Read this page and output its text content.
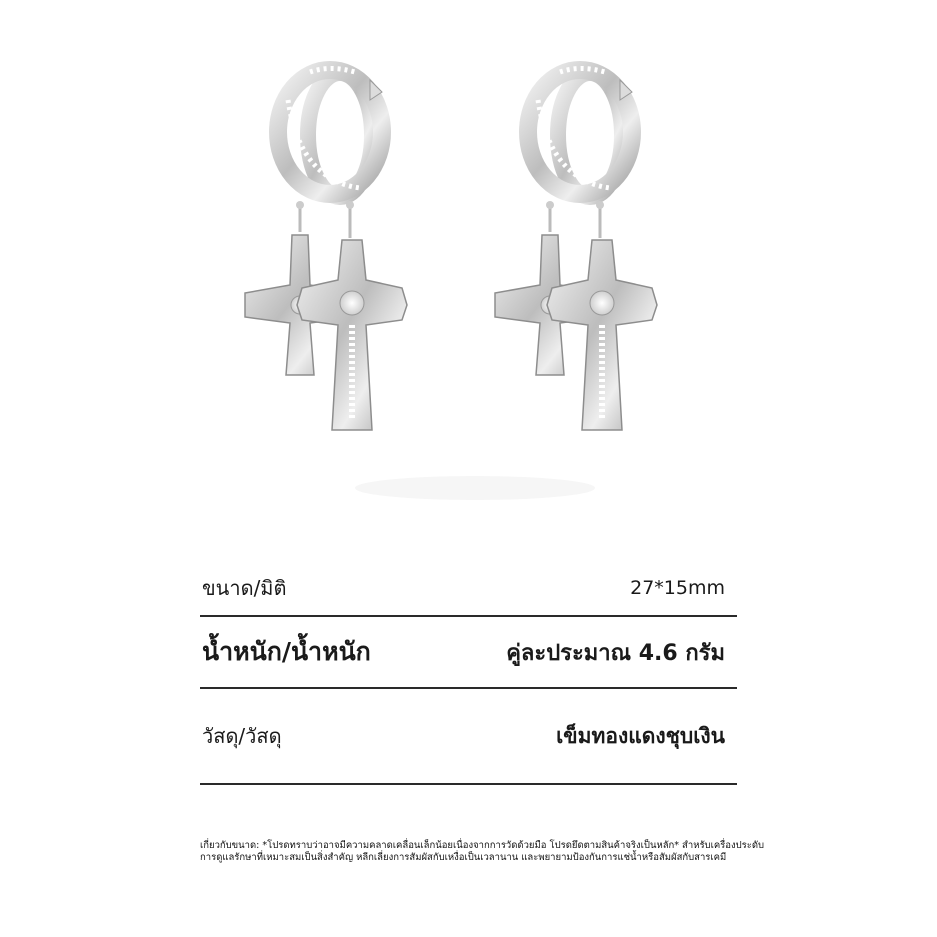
ขนาด/มิติ	27*15mm
น้ำหนัก/น้ำหนัก	คู่ละประมาณ 4.6 กรัม
วัสดุ/วัสดุ	เข็มทองแดงชุบเงิน
เกี่ยวกับขนาด: *โปรดทราบว่าอาจมีความคลาดเคลื่อนเล็กน้อยเนื่องจากการวัดด้วยมือ โปรดยึดตามสินค้าจริงเป็นหลัก* สำหรับเครื่องประดับ การดูแลรักษาที่เหมาะสมเป็นสิ่งสำคัญ หลีกเลี่ยงการสัมผัสกับเหงื่อเป็นเวลานาน และพยายามป้องกันการแช่น้ำหรือสัมผัสกับสารเคมี
